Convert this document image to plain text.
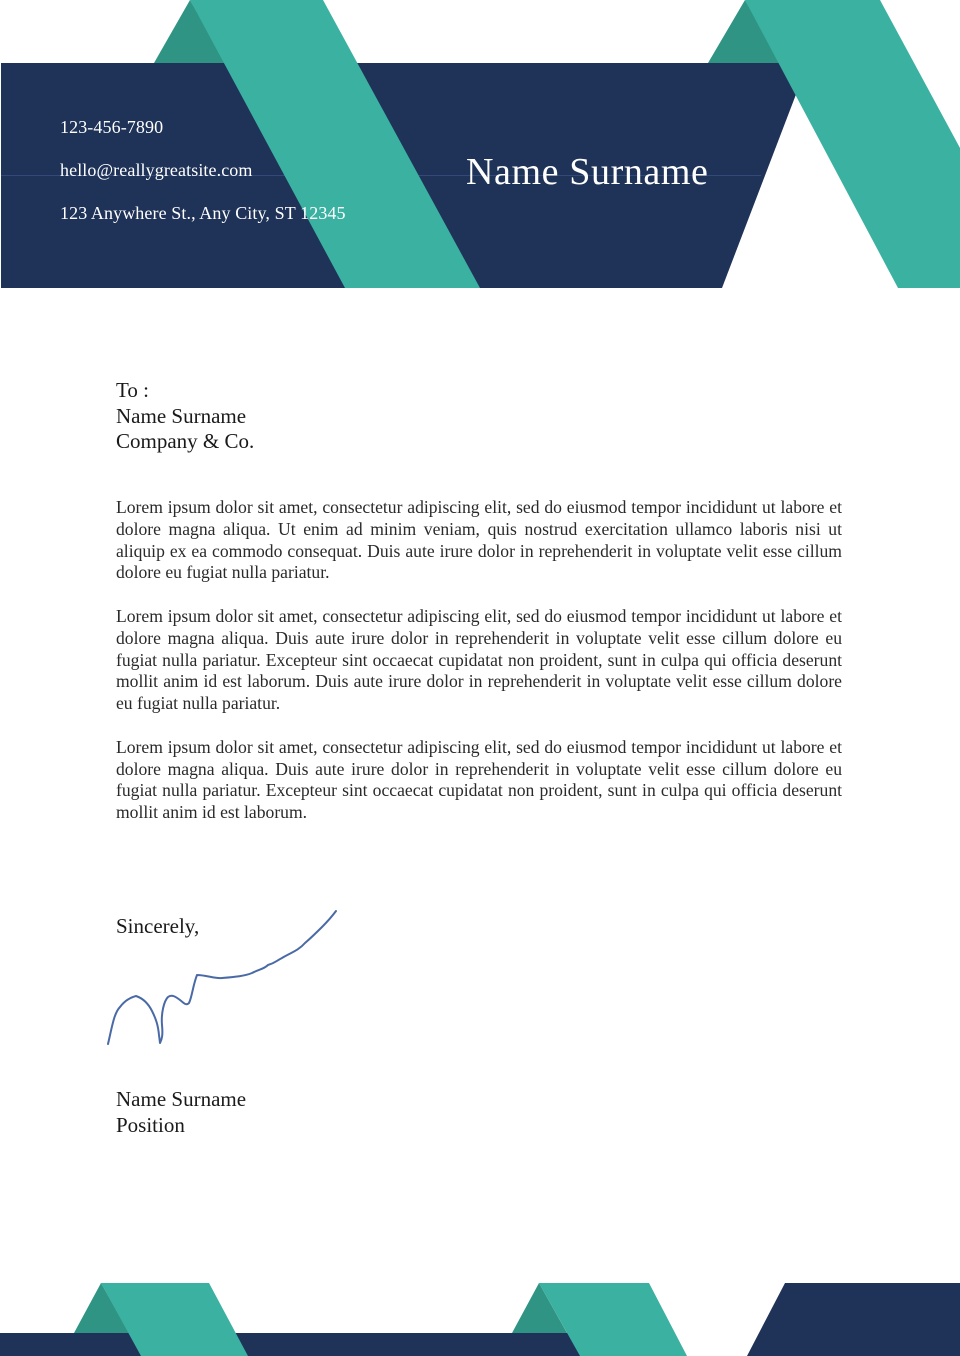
123-456-7890
hello@reallygreatsite.com
123 Anywhere St., Any City, ST 12345
Name Surname
To :
Name Surname
Company & Co.

Lorem ipsum dolor sit amet, consectetur adipiscing elit, sed do eiusmod tempor incididunt ut labore et dolore magna aliqua. Ut enim ad minim veniam, quis nostrud exercitation ullamco laboris nisi ut aliquip ex ea commodo consequat. Duis aute irure dolor in reprehenderit in voluptate velit esse cillum dolore eu fugiat nulla pariatur.

Lorem ipsum dolor sit amet, consectetur adipiscing elit, sed do eiusmod tempor incididunt ut labore et dolore magna aliqua. Duis aute irure dolor in reprehenderit in voluptate velit esse cillum dolore eu fugiat nulla pariatur. Excepteur sint occaecat cupidatat non proident, sunt in culpa qui officia deserunt mollit anim id est laborum. Duis aute irure dolor in reprehenderit in voluptate velit esse cillum dolore eu fugiat nulla pariatur.

Lorem ipsum dolor sit amet, consectetur adipiscing elit, sed do eiusmod tempor incididunt ut labore et dolore magna aliqua. Duis aute irure dolor in reprehenderit in voluptate velit esse cillum dolore eu fugiat nulla pariatur. Excepteur sint occaecat cupidatat non proident, sunt in culpa qui officia deserunt mollit anim id est laborum.

Sincerely,
Name Surname
Position
